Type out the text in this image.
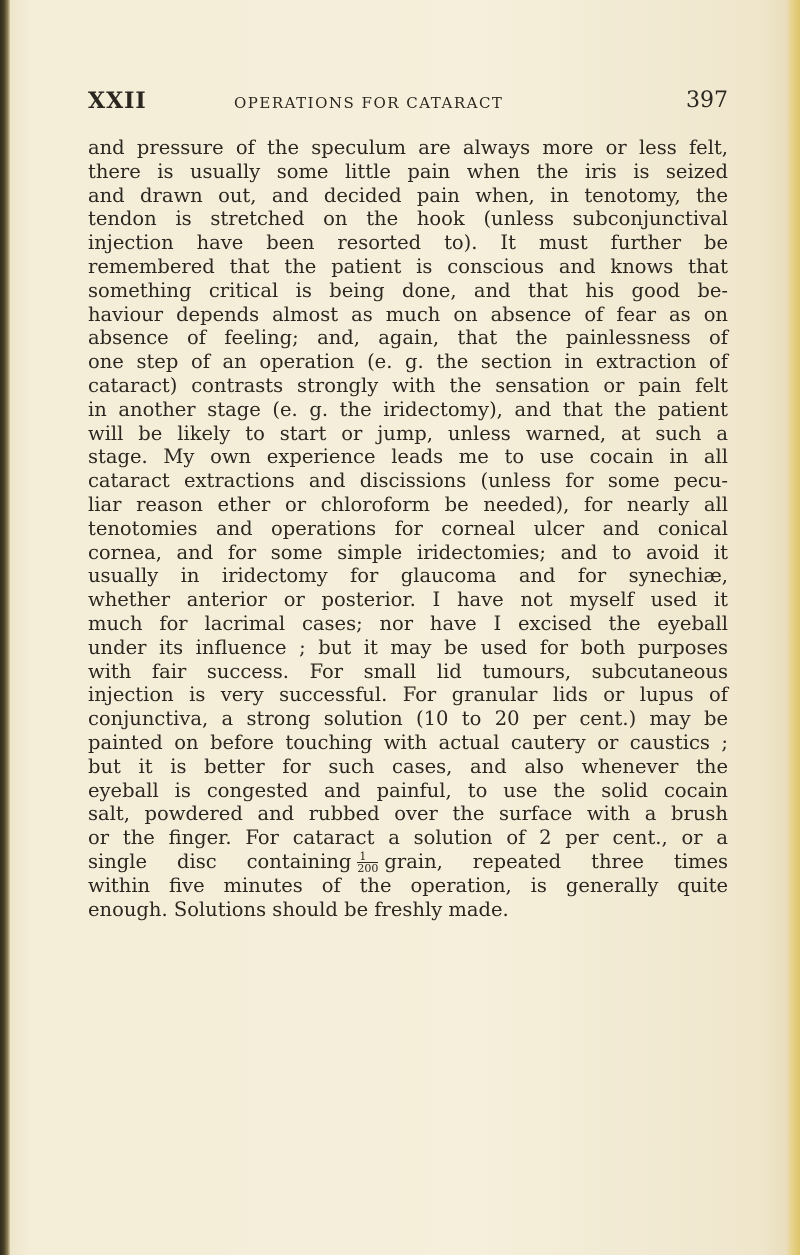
XXII	OPERATIONS FOR CATARACT	397
and pressure of the speculum are always more or less felt,
there is usually some little pain when the iris is seized
and drawn out, and decided pain when, in tenotomy, the
tendon is stretched on the hook (unless subconjunctival
injection have been resorted to). It must further be
remembered that the patient is conscious and knows that
something critical is being done, and that his good be-
haviour depends almost as much on absence of fear as on
absence of feeling; and, again, that the painlessness of
one step of an operation (e. g. the section in extraction of
cataract) contrasts strongly with the sensation or pain felt
in another stage (e. g. the iridectomy), and that the patient
will be likely to start or jump, unless warned, at such a
stage. My own experience leads me to use cocain in all
cataract extractions and discissions (unless for some pecu-
liar reason ether or chloroform be needed), for nearly all
tenotomies and operations for corneal ulcer and conical
cornea, and for some simple iridectomies; and to avoid it
usually in iridectomy for glaucoma and for synechiæ,
whether anterior or posterior. I have not myself used it
much for lacrimal cases; nor have I excised the eyeball
under its influence ; but it may be used for both purposes
with fair success. For small lid tumours, subcutaneous
injection is very successful. For granular lids or lupus of
conjunctiva, a strong solution (10 to 20 per cent.) may be
painted on before touching with actual cautery or caustics ;
but it is better for such cases, and also whenever the
eyeball is congested and painful, to use the solid cocain
salt, powdered and rubbed over the surface with a brush
or the finger. For cataract a solution of 2 per cent., or a
single disc containing $\frac{1}{200}$ grain, repeated three times
within five minutes of the operation, is generally quite
enough. Solutions should be freshly made.
